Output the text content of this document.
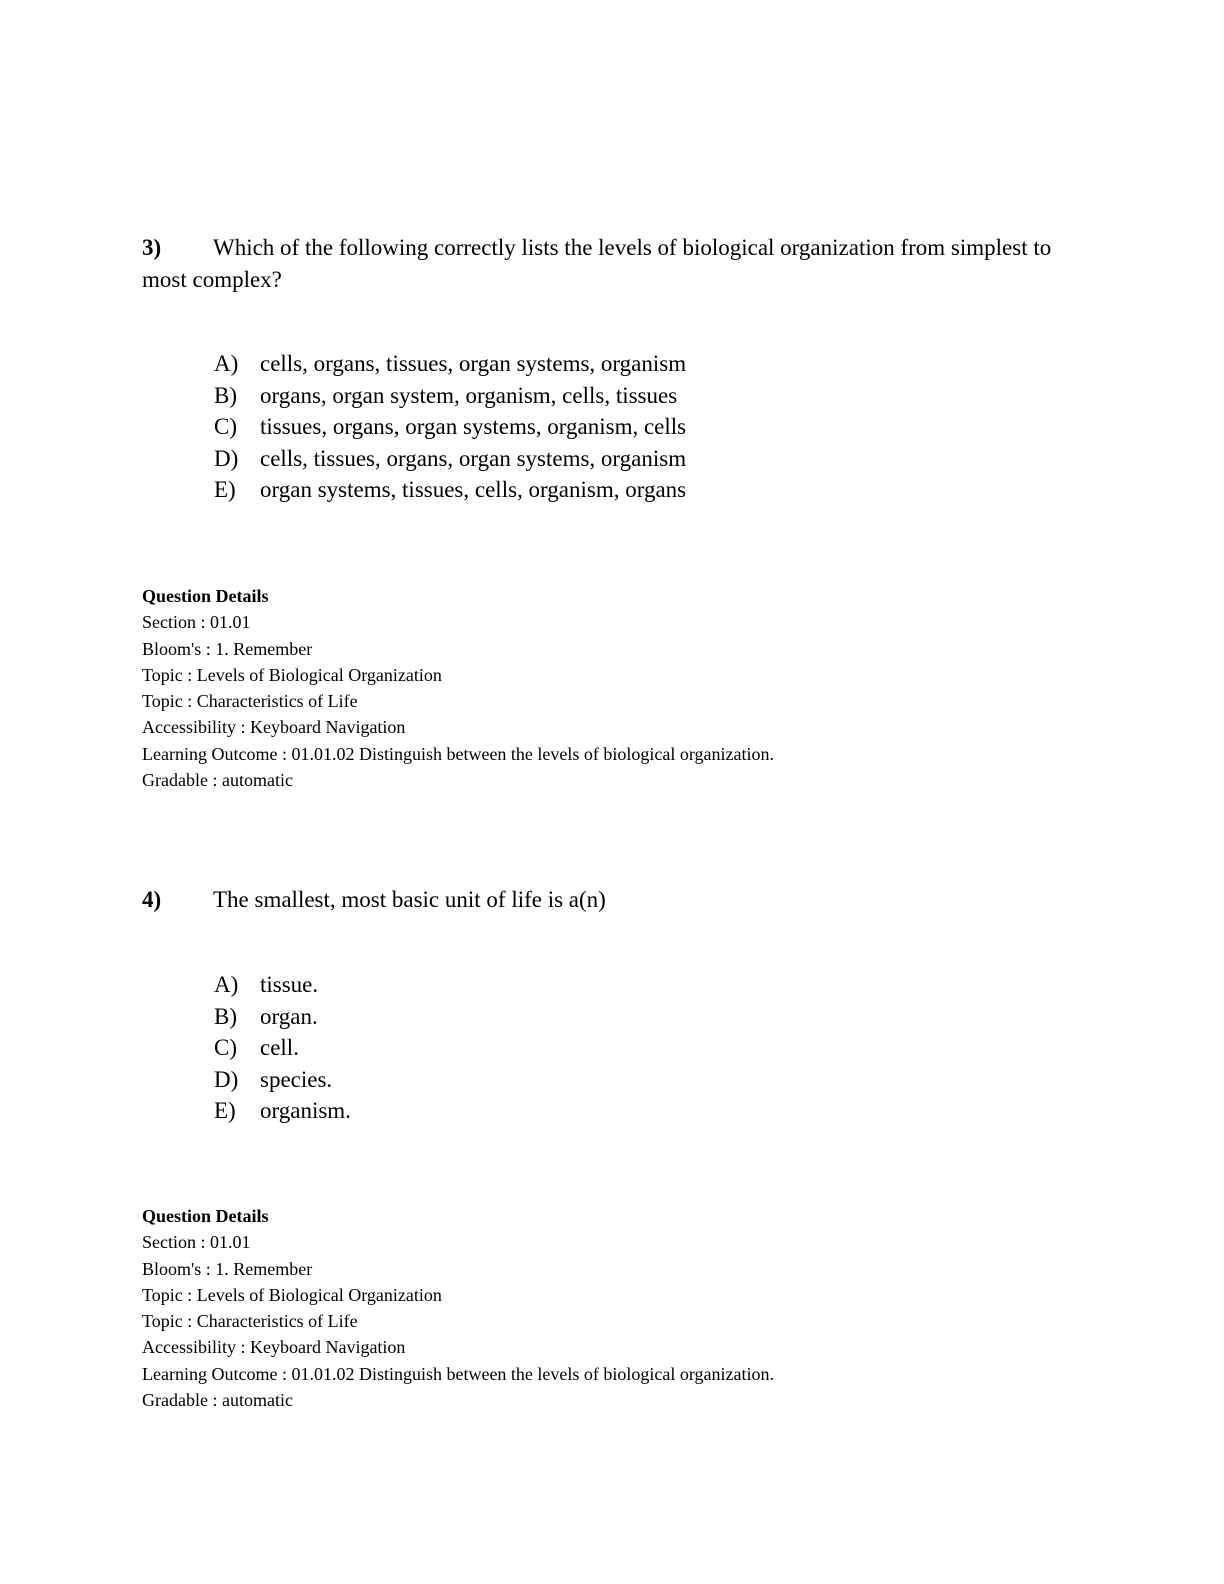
3) Which of the following correctly lists the levels of biological organization from simplest to most complex?

A) cells, organs, tissues, organ systems, organism
B) organs, organ system, organism, cells, tissues
C) tissues, organs, organ systems, organism, cells
D) cells, tissues, organs, organ systems, organism
E) organ systems, tissues, cells, organism, organs
Question Details
Section : 01.01
Bloom's : 1. Remember
Topic : Levels of Biological Organization
Topic : Characteristics of Life
Accessibility : Keyboard Navigation
Learning Outcome : 01.01.02 Distinguish between the levels of biological organization.
Gradable : automatic

4) The smallest, most basic unit of life is a(n)

A) tissue.
B) organ.
C) cell.
D) species.
E) organism.
Question Details
Section : 01.01
Bloom's : 1. Remember
Topic : Levels of Biological Organization
Topic : Characteristics of Life
Accessibility : Keyboard Navigation
Learning Outcome : 01.01.02 Distinguish between the levels of biological organization.
Gradable : automatic
